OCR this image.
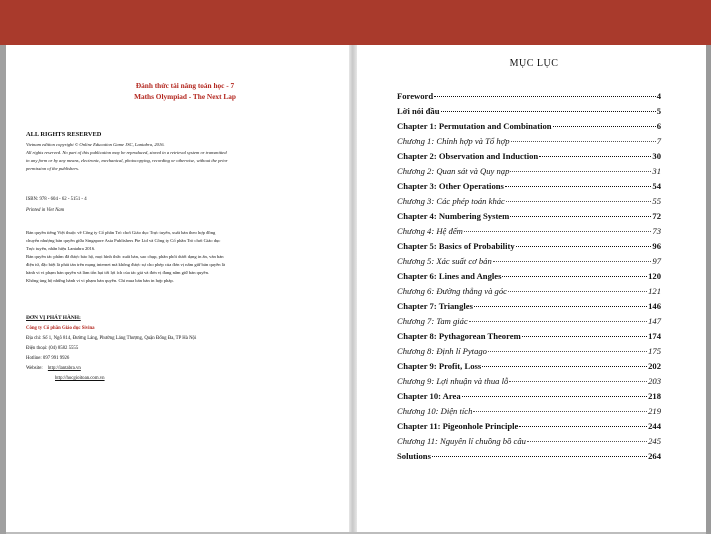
Đánh thức tài năng toán học - 7
Maths Olympiad - The Next Lap
ALL RIGHTS RESERVED
Vietnam edition copyright © Online Education Game JSC, Lantabra, 2016.
All rights reserved. No part of this publication may be reproduced, stored in a retrieval system or transmitted
in any form or by any means, electronic, mechanical, photocopying, recording or otherwise, without the prior
permission of the publishers.
ISBN: 978 - 604 - 62 - 5151 - 4
Printed in Viet Nam
Bản quyền tiếng Việt thuộc về Công ty Cổ phần Trò chơi Giáo dục Trực tuyến, xuất bản theo hợp đồng
chuyển nhượng bản quyền giữa Singapore Asia Publishers Pte Ltd và Công ty Cổ phần Trò chơi Giáo dục
Trực tuyến, nhãn hiệu Lantabra 2016.
Bản quyền tác phẩm đã được bảo hộ, mọi hình thức xuất bản, sao chụp, phân phối dưới dạng in ấn, văn bản
điện tử, đặc biệt là phát tán trên mạng internet mà không được sự cho phép của đơn vị nắm giữ bản quyền là
hành vi vi phạm bản quyền và làm tổn hại tới lợi ích của tác giả và đơn vị đang nắm giữ bản quyền.
Không ủng hộ những hành vi vi phạm bản quyền. Chỉ mua bán bản in hợp pháp.
ĐƠN VỊ PHÁT HÀNH:
Công ty Cổ phần Giáo dục Sivina
Địa chỉ: Số 1, Ngõ 814, Đường Láng, Phường Láng Thượng, Quận Đống Đa, TP Hà Nội
Điện thoại: (04) 8582 5555
Hotline: 097 991 9926
Website: http://lantabra.vn
http://hocgioitoan.com.vn
MỤC LỤC
Foreword	4
Lời nói đầu	5
Chapter 1: Permutation and Combination	6
Chương 1: Chỉnh hợp và Tổ hợp	7
Chapter 2: Observation and Induction	30
Chương 2: Quan sát và Quy nạp	31
Chapter 3: Other Operations	54
Chương 3: Các phép toán khác	55
Chapter 4: Numbering System	72
Chương 4: Hệ đếm	73
Chapter 5: Basics of Probability	96
Chương 5: Xác suất cơ bản	97
Chapter 6: Lines and Angles	120
Chương 6: Đường thẳng và góc	121
Chapter 7: Triangles	146
Chương 7: Tam giác	147
Chapter 8: Pythagorean Theorem	174
Chương 8: Định lí Pytago	175
Chapter 9: Profit, Loss	202
Chương 9: Lợi nhuận và thua lỗ	203
Chapter 10: Area	218
Chương 10: Diện tích	219
Chapter 11: Pigeonhole Principle	244
Chương 11: Nguyên lí chuồng bồ câu	245
Solutions	264
